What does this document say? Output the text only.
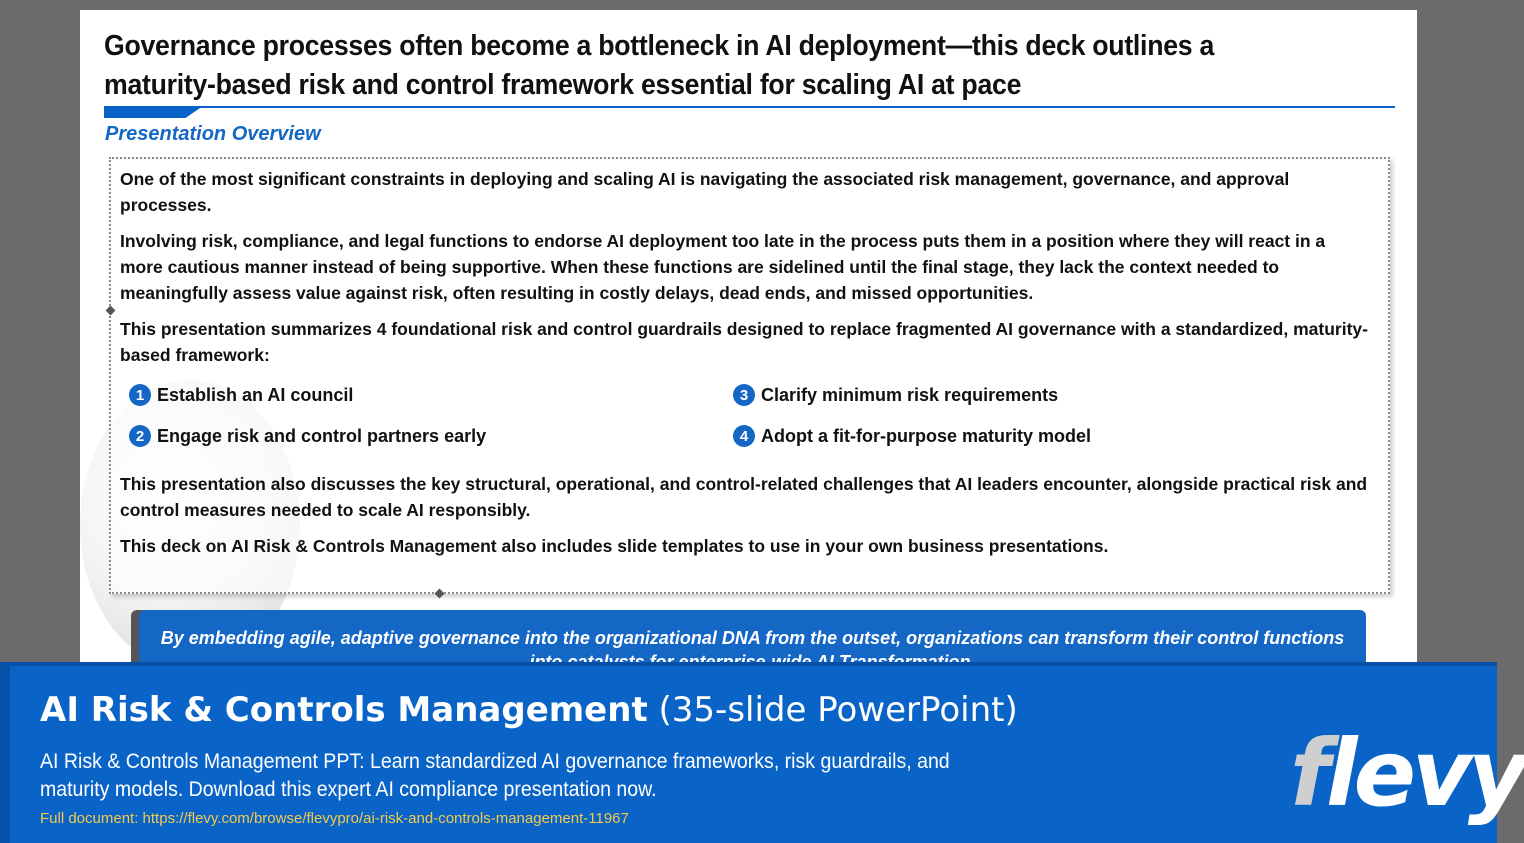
Governance processes often become a bottleneck in AI deployment—this deck outlines a maturity-based risk and control framework essential for scaling AI at pace
Presentation Overview
One of the most significant constraints in deploying and scaling AI is navigating the associated risk management, governance, and approval processes.
Involving risk, compliance, and legal functions to endorse AI deployment too late in the process puts them in a position where they will react in a more cautious manner instead of being supportive. When these functions are sidelined until the final stage, they lack the context needed to meaningfully assess value against risk, often resulting in costly delays, dead ends, and missed opportunities.
This presentation summarizes 4 foundational risk and control guardrails designed to replace fragmented AI governance with a standardized, maturity-based framework:
1 Establish an AI council
2 Engage risk and control partners early
3 Clarify minimum risk requirements
4 Adopt a fit-for-purpose maturity model
This presentation also discusses the key structural, operational, and control-related challenges that AI leaders encounter, alongside practical risk and control measures needed to scale AI responsibly.
This deck on AI Risk & Controls Management also includes slide templates to use in your own business presentations.
By embedding agile, adaptive governance into the organizational DNA from the outset, organizations can transform their control functions
AI Risk & Controls Management (35-slide PowerPoint)
AI Risk & Controls Management PPT: Learn standardized AI governance frameworks, risk guardrails, and maturity models. Download this expert AI compliance presentation now.
Full document: https://flevy.com/browse/flevypro/ai-risk-and-controls-management-11967	flevy
